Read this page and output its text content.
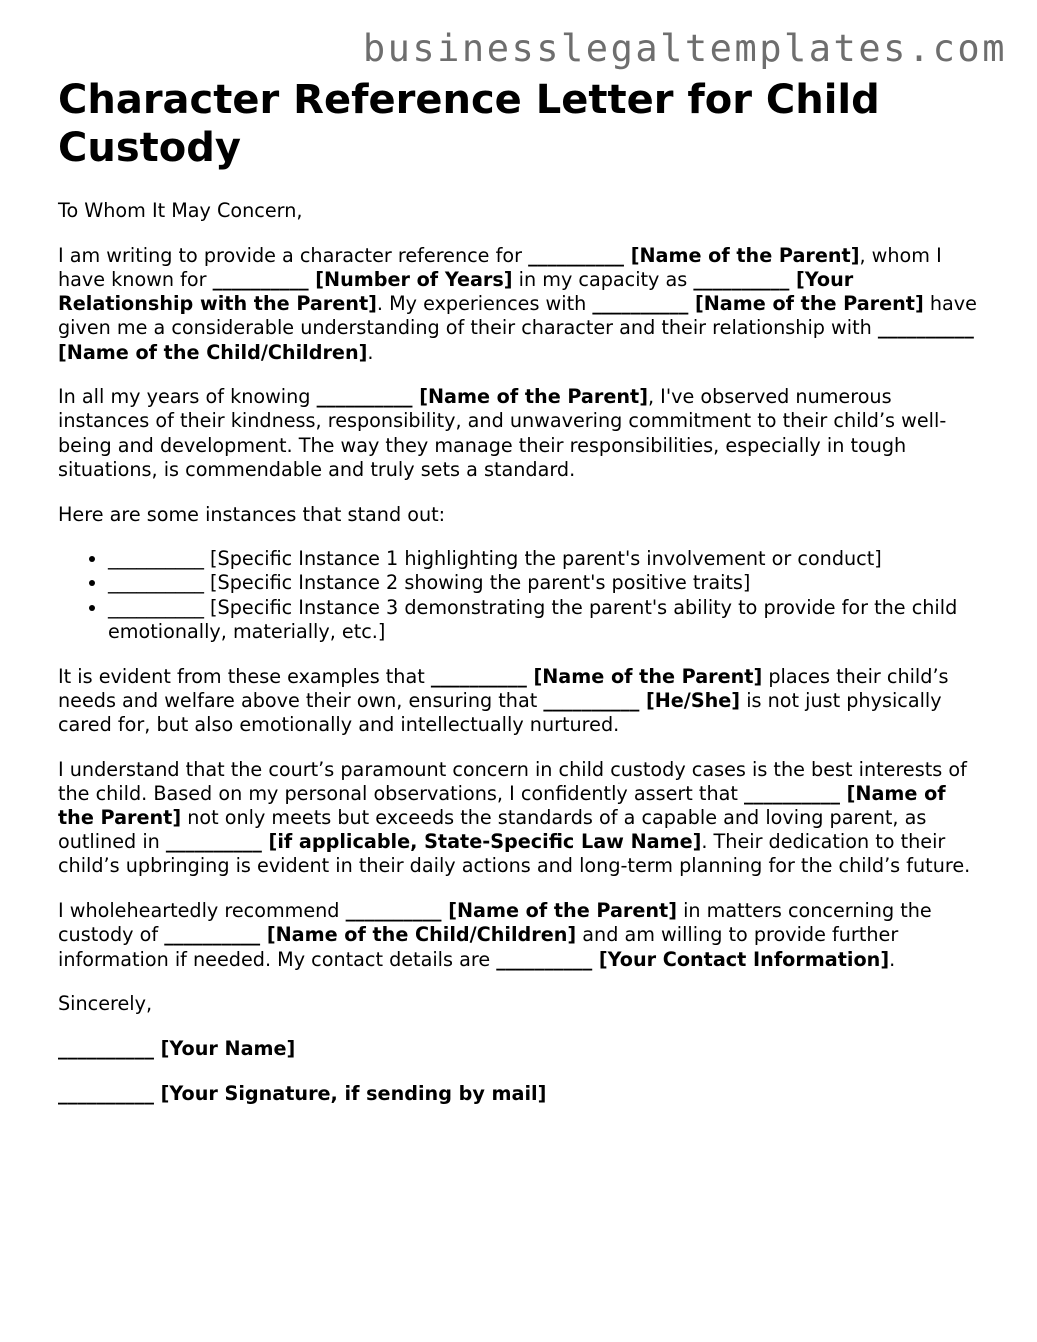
businesslegaltemplates.com
Character Reference Letter for Child Custody

To Whom It May Concern,

I am writing to provide a character reference for __________ [Name of the Parent], whom I have known for __________ [Number of Years] in my capacity as __________ [Your Relationship with the Parent]. My experiences with __________ [Name of the Parent] have given me a considerable understanding of their character and their relationship with __________ [Name of the Child/Children].

In all my years of knowing __________ [Name of the Parent], I've observed numerous instances of their kindness, responsibility, and unwavering commitment to their child’s well-being and development. The way they manage their responsibilities, especially in tough situations, is commendable and truly sets a standard.

Here are some instances that stand out:

• __________ [Specific Instance 1 highlighting the parent's involvement or conduct]
• __________ [Specific Instance 2 showing the parent's positive traits]
• __________ [Specific Instance 3 demonstrating the parent's ability to provide for the child emotionally, materially, etc.]

It is evident from these examples that __________ [Name of the Parent] places their child’s needs and welfare above their own, ensuring that __________ [He/She] is not just physically cared for, but also emotionally and intellectually nurtured.

I understand that the court’s paramount concern in child custody cases is the best interests of the child. Based on my personal observations, I confidently assert that __________ [Name of the Parent] not only meets but exceeds the standards of a capable and loving parent, as outlined in __________ [if applicable, State-Specific Law Name]. Their dedication to their child’s upbringing is evident in their daily actions and long-term planning for the child’s future.

I wholeheartedly recommend __________ [Name of the Parent] in matters concerning the custody of __________ [Name of the Child/Children] and am willing to provide further information if needed. My contact details are __________ [Your Contact Information].

Sincerely,

__________ [Your Name]
__________ [Your Signature, if sending by mail]
